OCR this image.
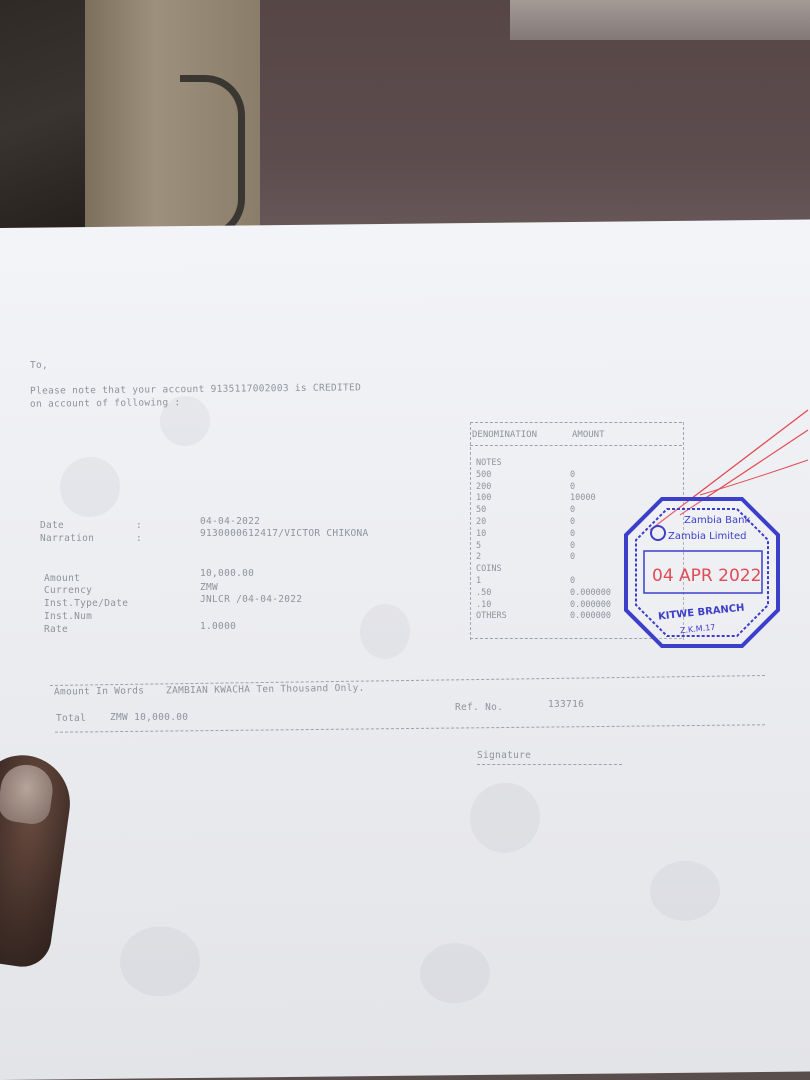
To,
Please note that your account 9135117002003 is CREDITED
on account of following :
Date	:	04-04-2022
Narration	:	9130000612417/VICTOR CHIKONA
Amount	10,000.00
Currency	ZMW
Inst.Type/Date	JNLCR /04-04-2022
Inst.Num
Rate	1.0000
Amount In Words ZAMBIAN KWACHA Ten Thousand Only.
Total	ZMW 10,000.00
Ref. No.	133716
Signature
DENOMINATION	AMOUNT
NOTES
500	0
200	0
100	10000
50	0
20	0
10	0
5	0
2	0
COINS
1	0
.50	0.000000
.10	0.000000
OTHERS	0.000000
Zambia Bank
Zambia Limited
04 APR 2022
KITWE BRANCH
Z.K.M.17
